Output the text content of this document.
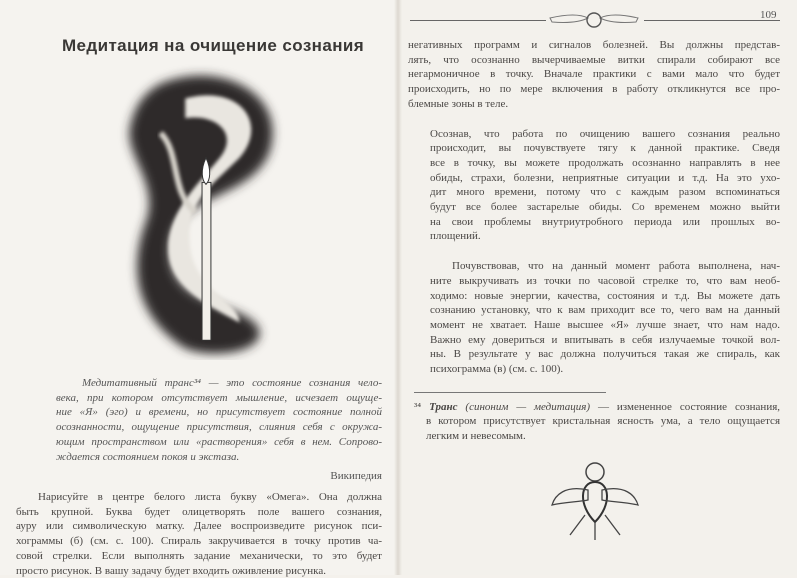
Медитация на очищение сознания
Медитативный транс³⁴ — это состояние сознания чело-
века, при котором отсутствует мышление, исчезает ощуще-
ние «Я» (эго) и времени, но присутствует состояние полной
осознанности, ощущение присутствия, слияния себя с окружа-
ющим пространством или «растворения» себя в нем. Сопрово-
ждается состоянием покоя и экстаза.
Википедия
Нарисуйте в центре белого листа букву «Омега». Она должна
быть крупной. Буква будет олицетворять поле вашего сознания,
ауру или символическую матку. Далее воспроизведите рисунок пси-
хограммы (б) (см. с. 100). Спираль закручивается в точку против ча-
совой стрелки. Если выполнять задание механически, то это будет
просто рисунок. В вашу задачу будет входить оживление рисунка.
109
негативных программ и сигналов болезней. Вы должны представ-
лять, что осознанно вычерчиваемые витки спирали собирают все
негармоничное в точку. Вначале практики с вами мало что будет
происходить, но по мере включения в работу откликнутся все про-
блемные зоны в теле.
Осознав, что работа по очищению вашего сознания реально
происходит, вы почувствуете тягу к данной практике. Сведя
все в точку, вы можете продолжать осознанно направлять в нее
обиды, страхи, болезни, неприятные ситуации и т.д. На это ухо-
дит много времени, потому что с каждым разом вспоминаться
будут все более застарелые обиды. Со временем можно выйти
на свои проблемы внутриутробного периода или прошлых во-
площений.
Почувствовав, что на данный момент работа выполнена, нач-
ните выкручивать из точки по часовой стрелке то, что вам необ-
ходимо: новые энергии, качества, состояния и т.д. Вы можете дать
сознанию установку, что к вам приходит все то, чего вам на данный
момент не хватает. Наше высшее «Я» лучше знает, что нам надо.
Важно ему довериться и впитывать в себя излучаемые точкой вол-
ны. В результате у вас должна получиться такая же спираль, как
психограмма (в) (см. с. 100).
³⁴ Транс (синоним — медитация) — измененное состояние сознания,
в котором присутствует кристальная ясность ума, а тело ощущается
легким и невесомым.
